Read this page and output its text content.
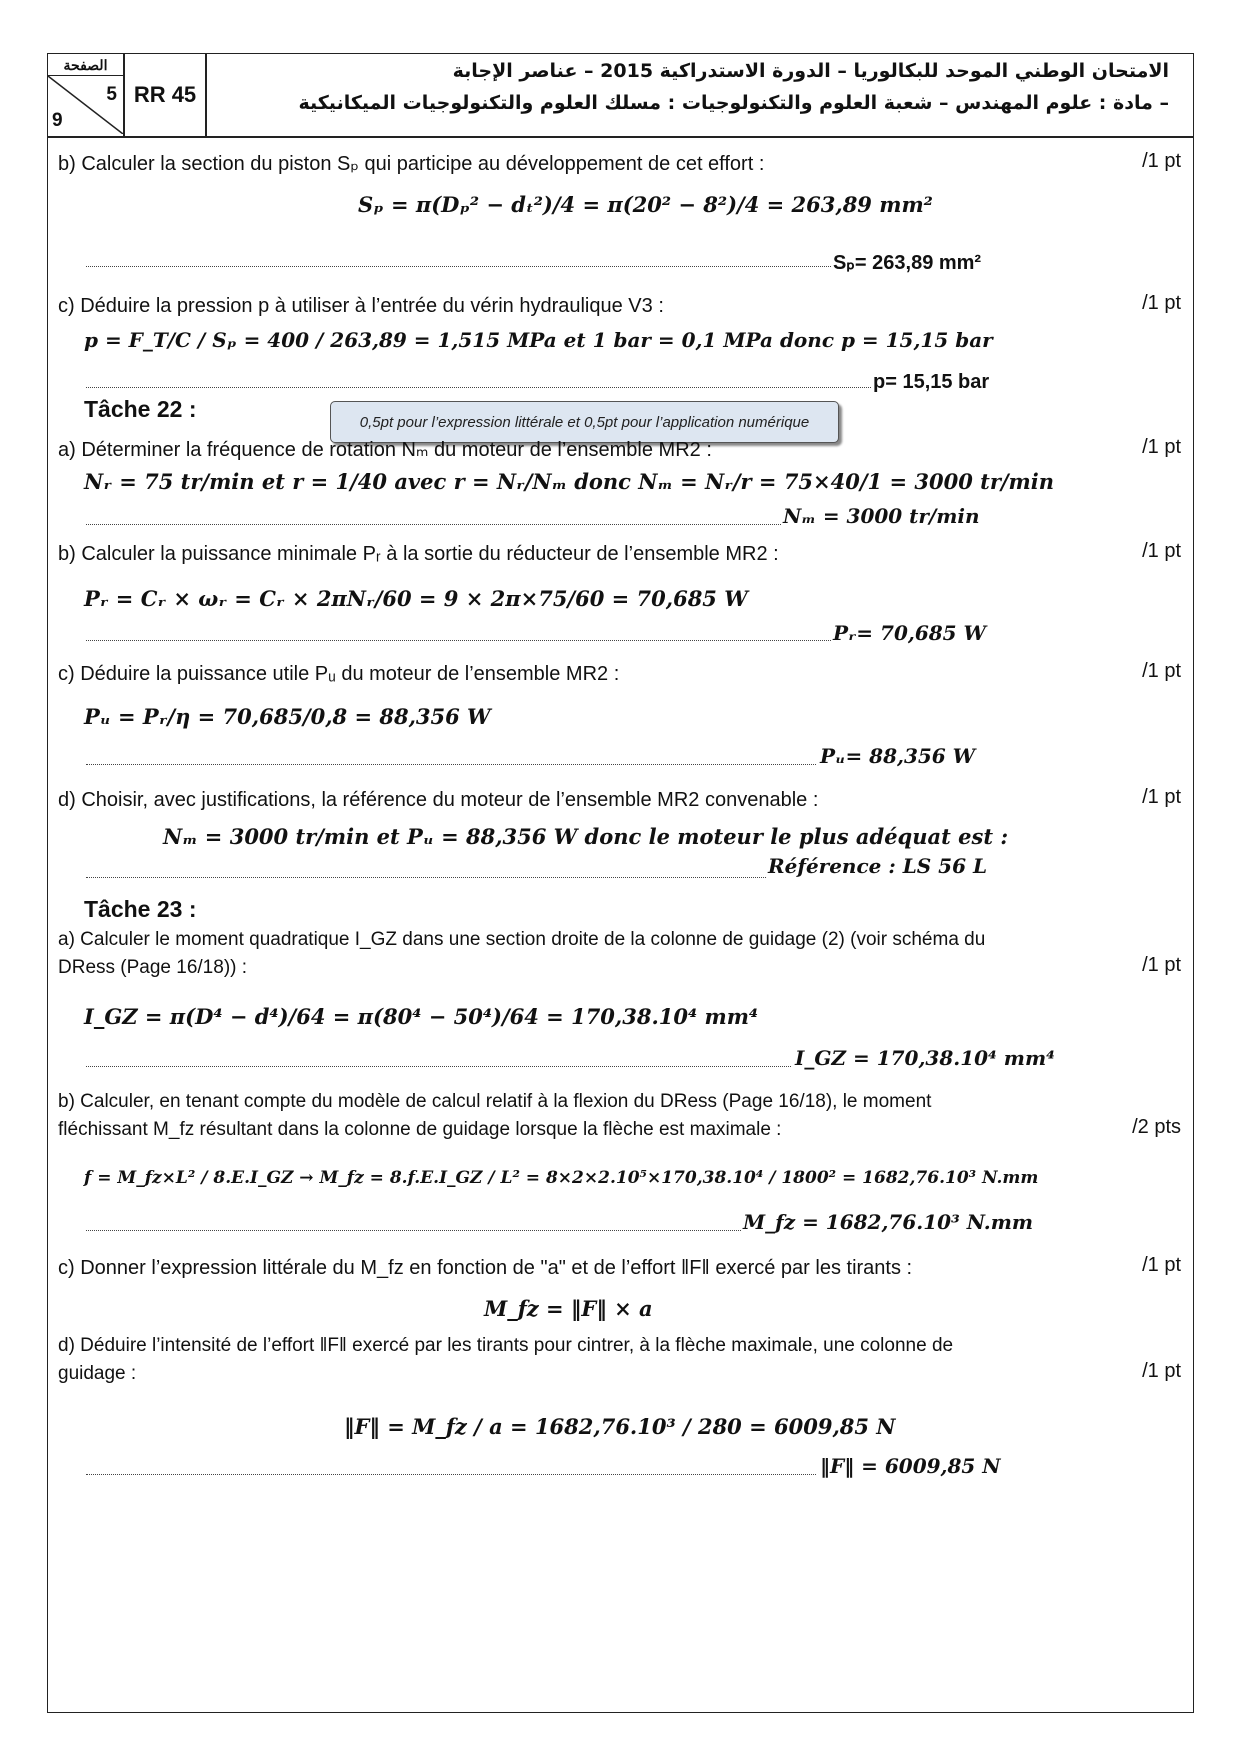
الصفحة
5
9
RR 45
الامتحان الوطني الموحد للبكالوريا – الدورة الاستدراكية 2015 – عناصر الإجابة
– مادة : علوم المهندس – شعبة العلوم والتكنولوجيات : مسلك العلوم والتكنولوجيات الميكانيكية
b) Calculer la section du piston Sₚ qui participe au développement de cet effort :	/1 pt
Sₚ = π(Dₚ² − dₜ²)/4 = π(20² − 8²)/4 = 263,89 mm²
Sₚ= 263,89 mm²
c) Déduire la pression p à utiliser à l’entrée du vérin hydraulique V3 :	/1 pt
p = F_T/C / Sₚ = 400 / 263,89 = 1,515 MPa et 1 bar = 0,1 MPa donc p = 15,15 bar
0,5pt pour l’expression littérale et 0,5pt pour l’application numérique
p= 15,15 bar
Tâche 22 :
a) Déterminer la fréquence de rotation Nₘ du moteur de l’ensemble MR2 :	/1 pt
Nᵣ = 75 tr/min et r = 1/40 avec r = Nᵣ/Nₘ donc Nₘ = Nᵣ/r = 75×40/1 = 3000 tr/min
Nₘ = 3000 tr/min
b) Calculer la puissance minimale Pᵣ à la sortie du réducteur de l’ensemble MR2 :	/1 pt
Pᵣ = Cᵣ × ωᵣ = Cᵣ × 2πNᵣ/60 = 9 × 2π×75/60 = 70,685 W
Pᵣ= 70,685 W
c) Déduire la puissance utile Pᵤ du moteur de l’ensemble MR2 :	/1 pt
Pᵤ = Pᵣ/η = 70,685/0,8 = 88,356 W
Pᵤ= 88,356 W
d) Choisir, avec justifications, la référence du moteur de l’ensemble MR2 convenable :	/1 pt
Nₘ = 3000 tr/min et Pᵤ = 88,356 W donc le moteur le plus adéquat est :
Référence : LS 56 L
Tâche 23 :
a) Calculer le moment quadratique I_GZ dans une section droite de la colonne de guidage (2) (voir schéma du DRess (Page 16/18)) :	/1 pt
I_GZ = π(D⁴ − d⁴)/64 = π(80⁴ − 50⁴)/64 = 170,38.10⁴ mm⁴
I_GZ = 170,38.10⁴ mm⁴
b) Calculer, en tenant compte du modèle de calcul relatif à la flexion du DRess (Page 16/18), le moment fléchissant M_fz résultant dans la colonne de guidage lorsque la flèche est maximale :	/2 pts
f = M_fz×L² / 8.E.I_GZ → M_fz = 8.f.E.I_GZ / L² = 8×2×2.10⁵×170,38.10⁴ / 1800² = 1682,76.10³ N.mm
M_fz = 1682,76.10³ N.mm
c) Donner l’expression littérale du M_fz en fonction de "a" et de l’effort ‖F‖ exercé par les tirants :	/1 pt
M_fz = ‖F‖ × a
d) Déduire l’intensité de l’effort ‖F‖ exercé par les tirants pour cintrer, à la flèche maximale, une colonne de guidage :	/1 pt
‖F‖ = M_fz / a = 1682,76.10³ / 280 = 6009,85 N
‖F‖ = 6009,85 N
